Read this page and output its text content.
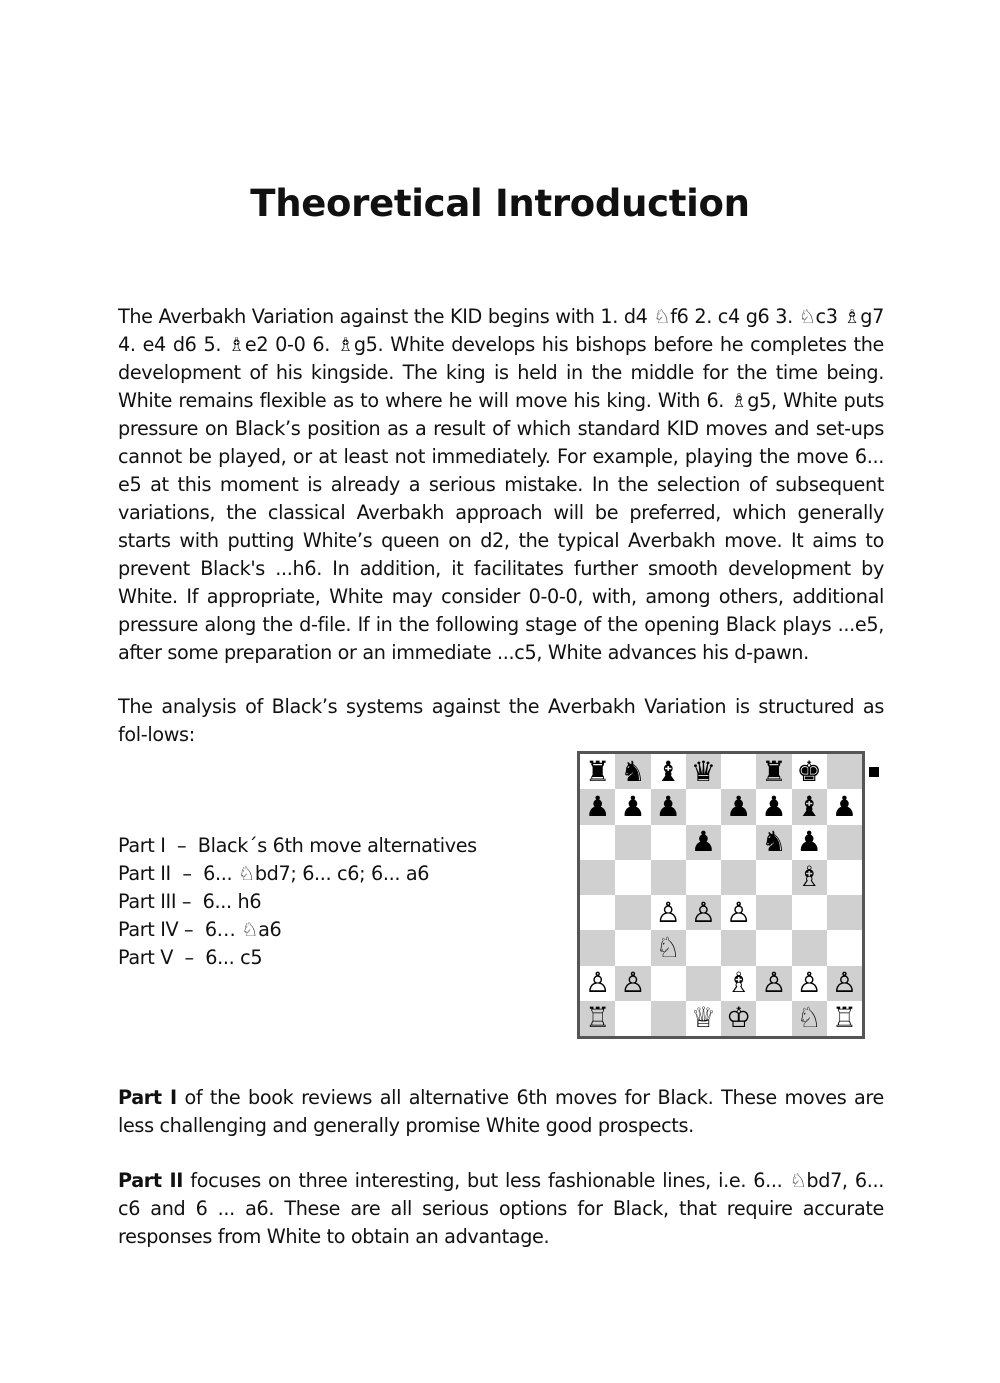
Theoretical Introduction
The Averbakh Variation against the KID begins with 1. d4 ♘f6 2. c4 g6 3. ♘c3 ♗g7 4. e4 d6 5. ♗e2 0-0 6. ♗g5. White develops his bishops before he completes the development of his kingside. The king is held in the middle for the time being. White remains flexible as to where he will move his king. With 6. ♗g5, White puts pressure on Black’s position as a result of which standard KID moves and set-ups cannot be played, or at least not immediately. For example, playing the move 6... e5 at this moment is already a serious mistake. In the selection of subsequent variations, the classical Averbakh approach will be preferred, which generally starts with putting White’s queen on d2, the typical Averbakh move. It aims to prevent Black's ...h6. In addition, it facilitates further smooth development by White. If appropriate, White may consider 0-0-0, with, among others, additional pressure along the d-file. If in the following stage of the opening Black plays ...e5, after some preparation or an immediate ...c5, White advances his d-pawn.
The analysis of Black’s systems against the Averbakh Variation is structured as fol-lows:
Part I  –  Black´s 6th move alternatives
Part II  –  6... ♘bd7; 6... c6; 6... a6
Part III –  6... h6
Part IV –  6… ♘a6
Part V  –  6... c5
♜ ♞ ♝ ♛ ♜ ♚
♟ ♟ ♟ ♟ ♟ ♝ ♟
♟ ♞ ♟
♗
♙ ♙ ♙
♘
♙ ♙	♗ ♙ ♙ ♙
♖	♕ ♔ ♘ ♖
Part I of the book reviews all alternative 6th moves for Black. These moves are less challenging and generally promise White good prospects.
Part II focuses on three interesting, but less fashionable lines, i.e. 6... ♘bd7, 6... c6 and 6 ... a6. These are all serious options for Black, that require accurate responses from White to obtain an advantage.
